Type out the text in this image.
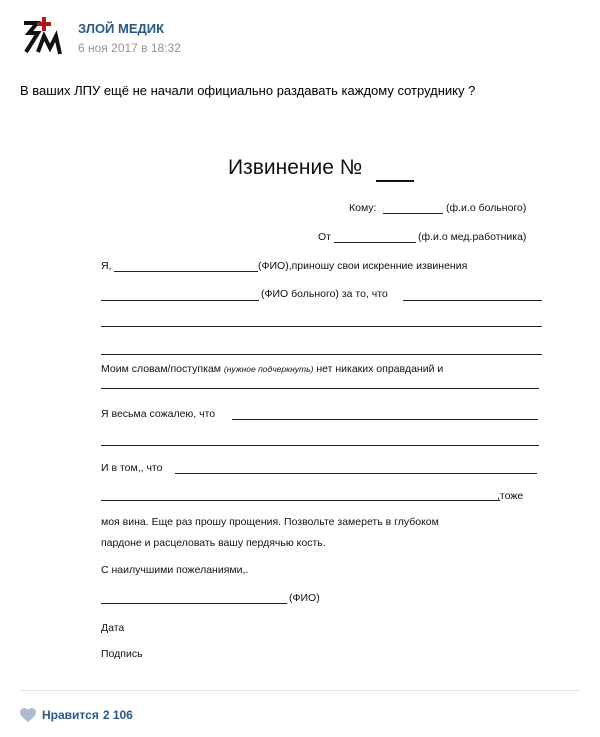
ЗЛОЙ МЕДИК
6 ноя 2017 в 18:32
В ваших ЛПУ ещё не начали официально раздавать каждому сотруднику ?
Извинение №
Кому:	(ф.и.о больного)
От	(ф.и.о мед.работника)
Я,	(ФИО),приношу свои искренние извинения
(ФИО больного) за то, что
Моим словам/поступкам (нужное подчеркнуть) нет никаких оправданий и
Я весьма сожалею, что
И в том,, что
,тоже
моя вина. Еще раз прошу прощения. Позвольте замереть в глубоком
пардоне и расцеловать вашу пердячью кость.
С наилучшими пожеланиями,.
(ФИО)
Дата
Подпись
Нравится 2 106
